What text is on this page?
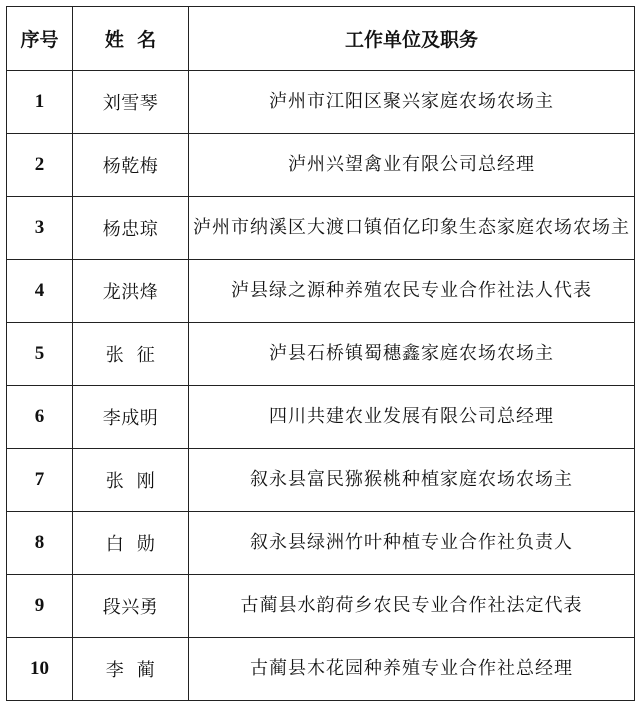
序号	姓  名	工作单位及职务
1	刘雪琴	泸州市江阳区聚兴家庭农场农场主
2	杨乾梅	泸州兴望禽业有限公司总经理
3	杨忠琼	泸州市纳溪区大渡口镇佰亿印象生态家庭农场农场主
4	龙洪烽	泸县绿之源种养殖农民专业合作社法人代表
5	张  征	泸县石桥镇蜀穗鑫家庭农场农场主
6	李成明	四川共建农业发展有限公司总经理
7	张  刚	叙永县富民猕猴桃种植家庭农场农场主
8	白  勋	叙永县绿洲竹叶种植专业合作社负责人
9	段兴勇	古蔺县水韵荷乡农民专业合作社法定代表
10	李  蔺	古蔺县木花园种养殖专业合作社总经理
